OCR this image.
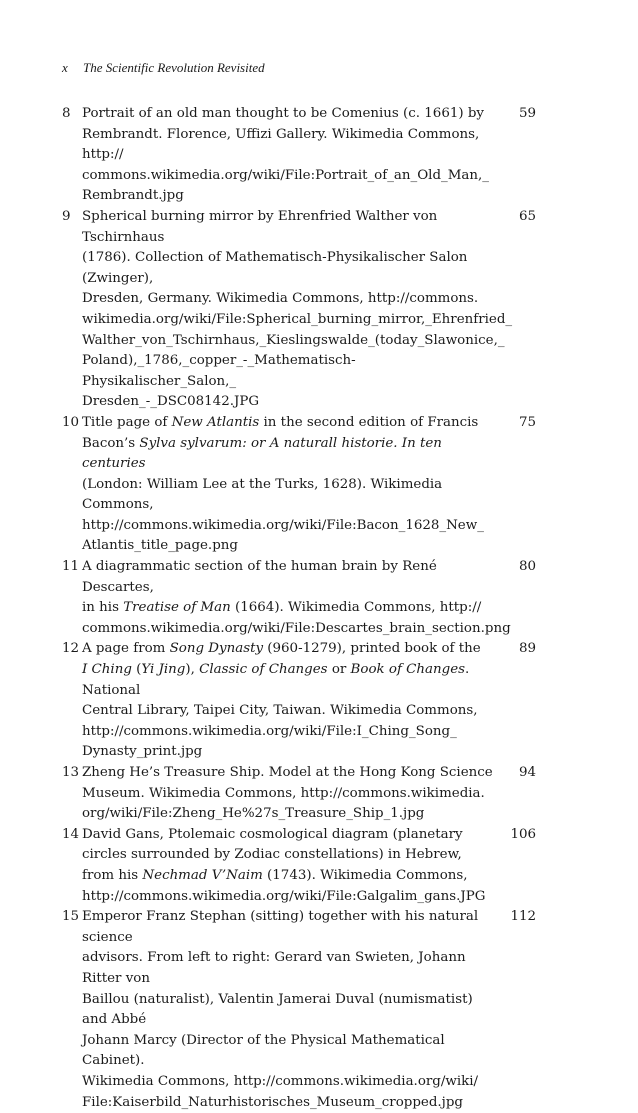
x The Scientific Revolution Revisited
8 Portrait of an old man thought to be Comenius (c. 1661) by
Rembrandt. Florence, Uffizi Gallery. Wikimedia Commons, http://
commons.wikimedia.org/wiki/File:Portrait_of_an_Old_Man,_
Rembrandt.jpg
59
9 Spherical burning mirror by Ehrenfried Walther von Tschirnhaus
(1786). Collection of Mathematisch-Physikalischer Salon (Zwinger),
Dresden, Germany. Wikimedia Commons, http://commons.
wikimedia.org/wiki/File:Spherical_burning_mirror,_Ehrenfried_
Walther_von_Tschirnhaus,_Kieslingswalde_(today_Slawonice,_
Poland),_1786,_copper_-_Mathematisch-Physikalischer_Salon,_
Dresden_-_DSC08142.JPG
65
10 Title page of New Atlantis in the second edition of Francis
Bacon’s Sylva sylvarum: or A naturall historie. In ten centuries
(London: William Lee at the Turks, 1628). Wikimedia Commons,
http://commons.wikimedia.org/wiki/File:Bacon_1628_New_
Atlantis_title_page.png
75
11 A diagrammatic section of the human brain by René Descartes,
in his Treatise of Man (1664). Wikimedia Commons, http://
commons.wikimedia.org/wiki/File:Descartes_brain_section.png
80
12 A page from Song Dynasty (960-1279), printed book of the
I Ching (Yi Jing), Classic of Changes or Book of Changes. National
Central Library, Taipei City, Taiwan. Wikimedia Commons,
http://commons.wikimedia.org/wiki/File:I_Ching_Song_
Dynasty_print.jpg
89
13 Zheng He’s Treasure Ship. Model at the Hong Kong Science
Museum. Wikimedia Commons, http://commons.wikimedia.
org/wiki/File:Zheng_He%27s_Treasure_Ship_1.jpg
94
14 David Gans, Ptolemaic cosmological diagram (planetary
circles surrounded by Zodiac constellations) in Hebrew,
from his Nechmad V’Naim (1743). Wikimedia Commons,
http://commons.wikimedia.org/wiki/File:Galgalim_gans.JPG
106
15 Emperor Franz Stephan (sitting) together with his natural science
advisors. From left to right: Gerard van Swieten, Johann Ritter von
Baillou (naturalist), Valentin Jamerai Duval (numismatist) and Abbé
Johann Marcy (Director of the Physical Mathematical Cabinet).
Wikimedia Commons, http://commons.wikimedia.org/wiki/
File:Kaiserbild_Naturhistorisches_Museum_cropped.jpg
112
